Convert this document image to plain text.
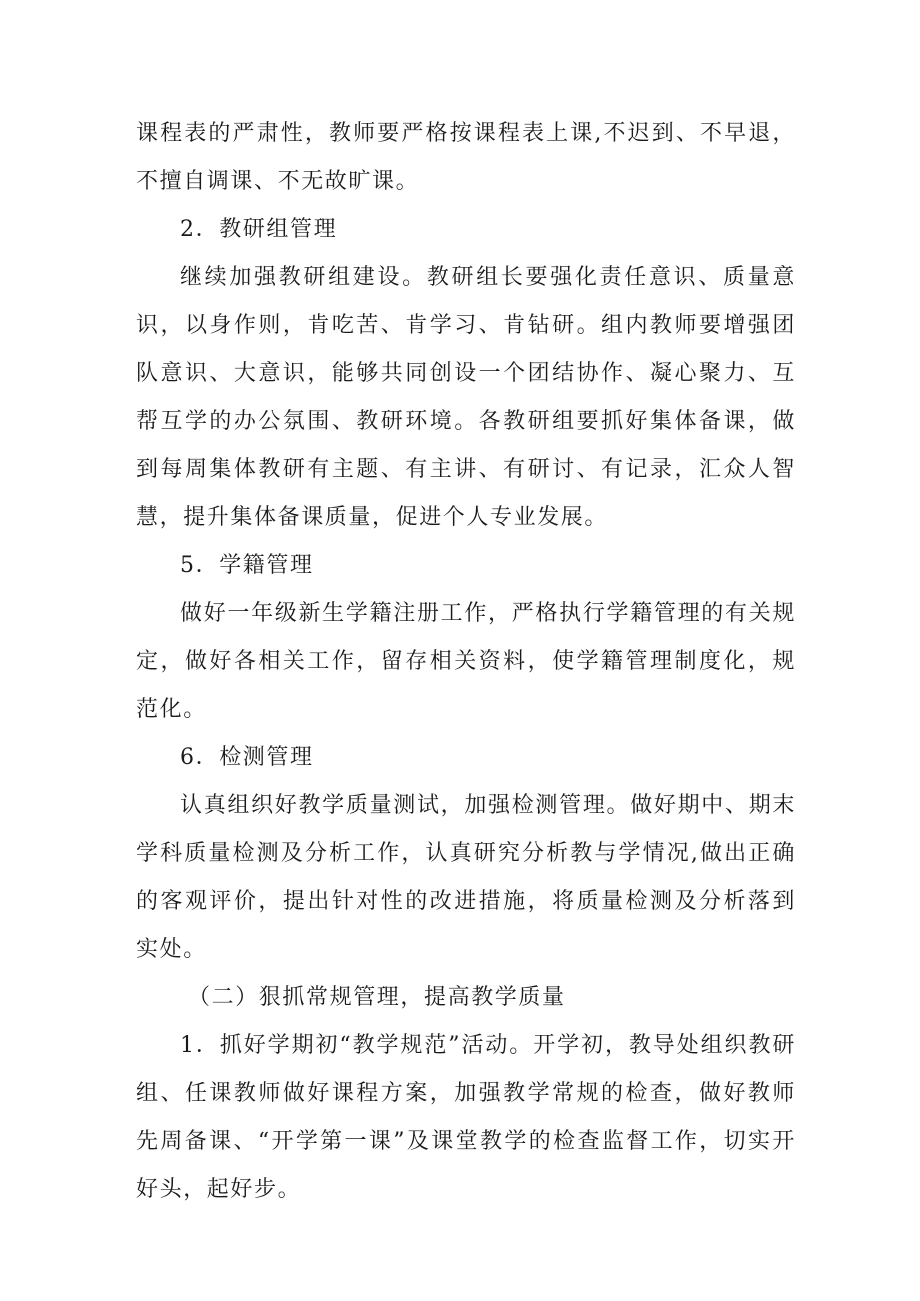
课程表的严肃性，教师要严格按课程表上课,不迟到、不早退，不擅自调课、不无故旷课。

2．教研组管理

继续加强教研组建设。教研组长要强化责任意识、质量意识，以身作则，肯吃苦、肯学习、肯钻研。组内教师要增强团队意识、大意识，能够共同创设一个团结协作、凝心聚力、互帮互学的办公氛围、教研环境。各教研组要抓好集体备课，做到每周集体教研有主题、有主讲、有研讨、有记录，汇众人智慧，提升集体备课质量，促进个人专业发展。

5．学籍管理

做好一年级新生学籍注册工作，严格执行学籍管理的有关规定，做好各相关工作，留存相关资料，使学籍管理制度化，规范化。

6．检测管理

认真组织好教学质量测试，加强检测管理。做好期中、期末学科质量检测及分析工作，认真研究分析教与学情况,做出正确的客观评价，提出针对性的改进措施，将质量检测及分析落到实处。

（二）狠抓常规管理，提高教学质量

1．抓好学期初“教学规范”活动。开学初，教导处组织教研组、任课教师做好课程方案，加强教学常规的检查，做好教师先周备课、“开学第一课”及课堂教学的检查监督工作，切实开好头，起好步。
